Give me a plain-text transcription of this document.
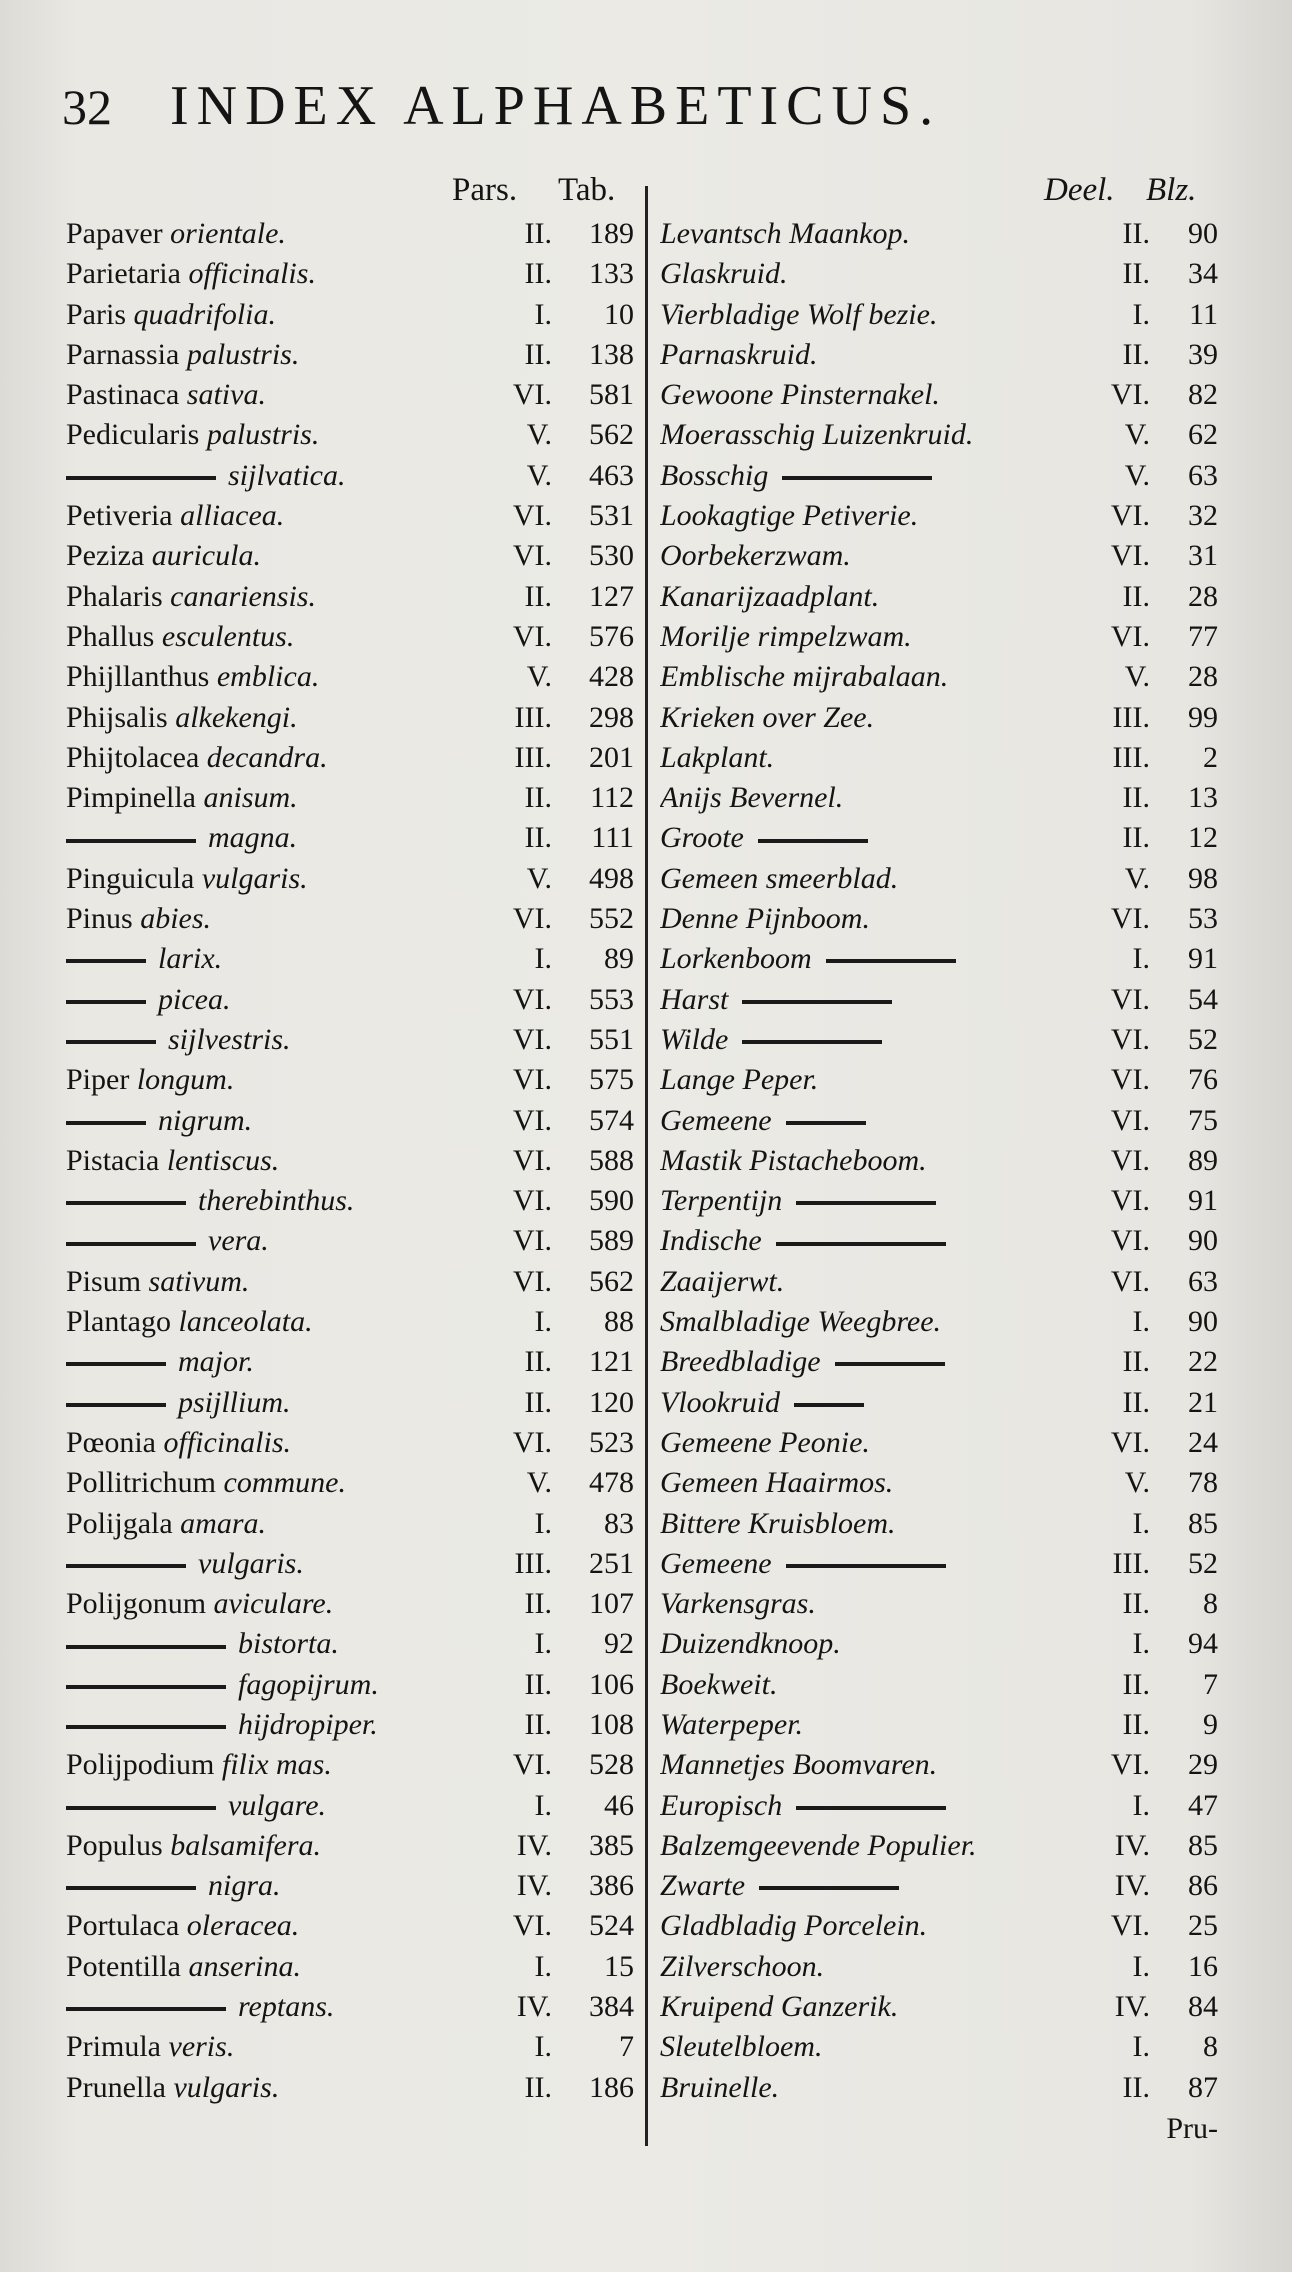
32	INDEX ALPHABETICUS.
Pars. Tab.	Deel. Blz.
Papaver orientale.	II.	189 Levantsch Maankop.	II.	90
Parietaria officinalis.	II.	133 Glaskruid.	II.	34
Paris quadrifolia.	I.	10 Vierbladige Wolf bezie.	I.	11
Parnassia palustris.	II.	138 Parnaskruid.	II.	39
Pastinaca sativa.	VI.	581 Gewoone Pinsternakel.	VI.	82
Pedicularis palustris.	V.	562 Moerasschig Luizenkruid.	V.	62
sijlvatica.	V.	463 Bosschig	V.	63
Petiveria alliacea.	VI.	531 Lookagtige Petiverie.	VI.	32
Peziza auricula.	VI.	530 Oorbekerzwam.	VI.	31
Phalaris canariensis.	II.	127 Kanarijzaadplant.	II.	28
Phallus esculentus.	VI.	576 Morilje rimpelzwam.	VI.	77
Phijllanthus emblica.	V.	428 Emblische mijrabalaan.	V.	28
Phijsalis alkekengi.	III.	298 Krieken over Zee.	III.	99
Phijtolacea decandra.	III.	201 Lakplant.	III.	2
Pimpinella anisum.	II.	112 Anijs Bevernel.	II.	13
magna.	II.	111 Groote	II.	12
Pinguicula vulgaris.	V.	498 Gemeen smeerblad.	V.	98
Pinus abies.	VI.	552 Denne Pijnboom.	VI.	53
larix.	I.	89 Lorkenboom	I.	91
picea.	VI.	553 Harst	VI.	54
sijlvestris.	VI.	551 Wilde	VI.	52
Piper longum.	VI.	575 Lange Peper.	VI.	76
nigrum.	VI.	574 Gemeene	VI.	75
Pistacia lentiscus.	VI.	588 Mastik Pistacheboom.	VI.	89
therebinthus.	VI.	590 Terpentijn	VI.	91
vera.	VI.	589 Indische	VI.	90
Pisum sativum.	VI.	562 Zaaijerwt.	VI.	63
Plantago lanceolata.	I.	88 Smalbladige Weegbree.	I.	90
major.	II.	121 Breedbladige	II.	22
psijllium.	II.	120 Vlookruid	II.	21
Pœonia officinalis.	VI.	523 Gemeene Peonie.	VI.	24
Pollitrichum commune.	V.	478 Gemeen Haairmos.	V.	78
Polijgala amara.	I.	83 Bittere Kruisbloem.	I.	85
vulgaris.	III.	251 Gemeene	III.	52
Polijgonum aviculare.	II.	107 Varkensgras.	II.	8
bistorta.	I.	92 Duizendknoop.	I.	94
fagopijrum.	II.	106 Boekweit.	II.	7
hijdropiper.	II.	108 Waterpeper.	II.	9
Polijpodium filix mas.	VI.	528 Mannetjes Boomvaren.	VI.	29
vulgare.	I.	46 Europisch	I.	47
Populus balsamifera.	IV.	385 Balzemgeevende Populier.	IV.	85
nigra.	IV.	386 Zwarte	IV.	86
Portulaca oleracea.	VI.	524 Gladbladig Porcelein.	VI.	25
Potentilla anserina.	I.	15 Zilverschoon.	I.	16
reptans.	IV.	384 Kruipend Ganzerik.	IV.	84
Primula veris.	I.	7 Sleutelbloem.	I.	8
Prunella vulgaris.	II.	186 Bruinelle.	II.	87
Pru-
